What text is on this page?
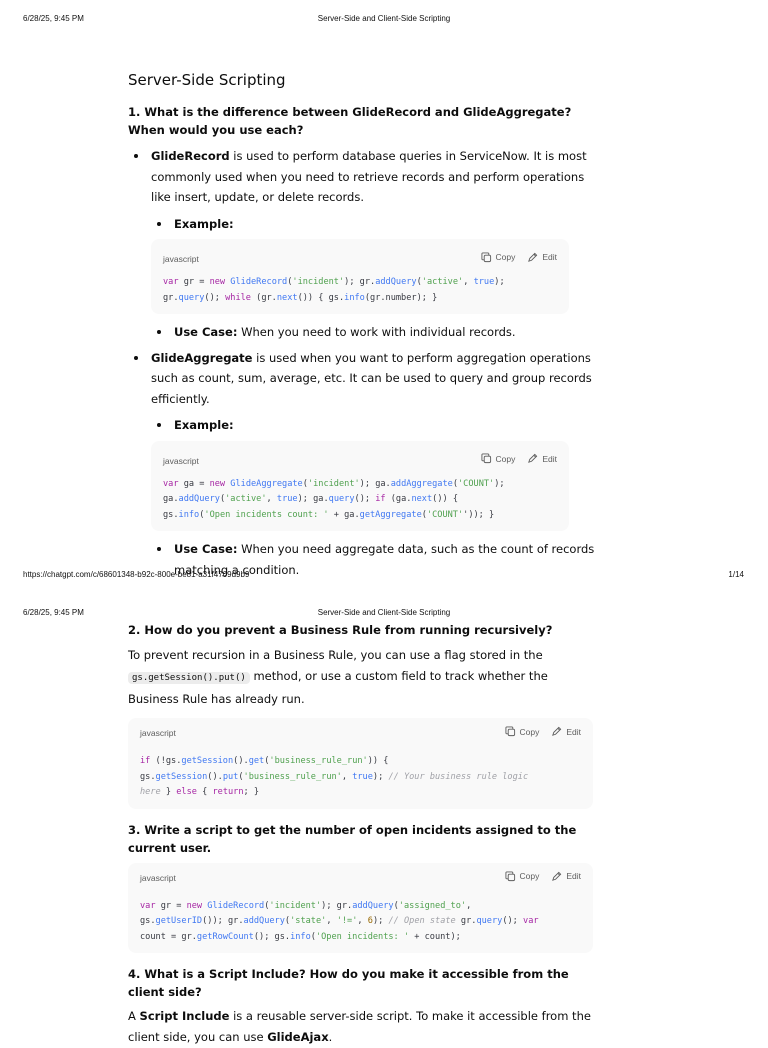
6/28/25, 9:45 PM	Server-Side and Client-Side Scripting
Server-Side Scripting
1. What is the difference between GlideRecord and GlideAggregate? When would you use each?
GlideRecord is used to perform database queries in ServiceNow. It is most commonly used when you need to retrieve records and perform operations like insert, update, or delete records.
Example:
javascript	Copy	Edit
var gr = new GlideRecord('incident'); gr.addQuery('active', true);
gr.query(); while (gr.next()) { gs.info(gr.number); }
Use Case: When you need to work with individual records.
GlideAggregate is used when you want to perform aggregation operations such as count, sum, average, etc. It can be used to query and group records efficiently.
Example:
javascript	Copy	Edit
var ga = new GlideAggregate('incident'); ga.addAggregate('COUNT');
ga.addQuery('active', true); ga.query(); if (ga.next()) {
gs.info('Open incidents count: ' + ga.getAggregate('COUNT'')); }
Use Case: When you need aggregate data, such as the count of records matching a condition.
https://chatgpt.com/c/68601348-b92c-800e-be81-a31f4709d9b9	1/14
6/28/25, 9:45 PM	Server-Side and Client-Side Scripting
2. How do you prevent a Business Rule from running recursively?

To prevent recursion in a Business Rule, you can use a flag stored in the gs.getSession().put() method, or use a custom field to track whether the Business Rule has already run.

javascript	Copy	Edit
if (!gs.getSession().get('business_rule_run')) {
gs.getSession().put('business_rule_run', true); // Your business rule logic
here } else { return; }
3. Write a script to get the number of open incidents assigned to the current user.
javascript	Copy	Edit
var gr = new GlideRecord('incident'); gr.addQuery('assigned_to',
gs.getUserID()); gr.addQuery('state', '!=', 6); // Open state gr.query(); var
count = gr.getRowCount(); gs.info('Open incidents: ' + count);
4. What is a Script Include? How do you make it accessible from the client side?

A Script Include is a reusable server-side script. To make it accessible from the client side, you can use GlideAjax.
